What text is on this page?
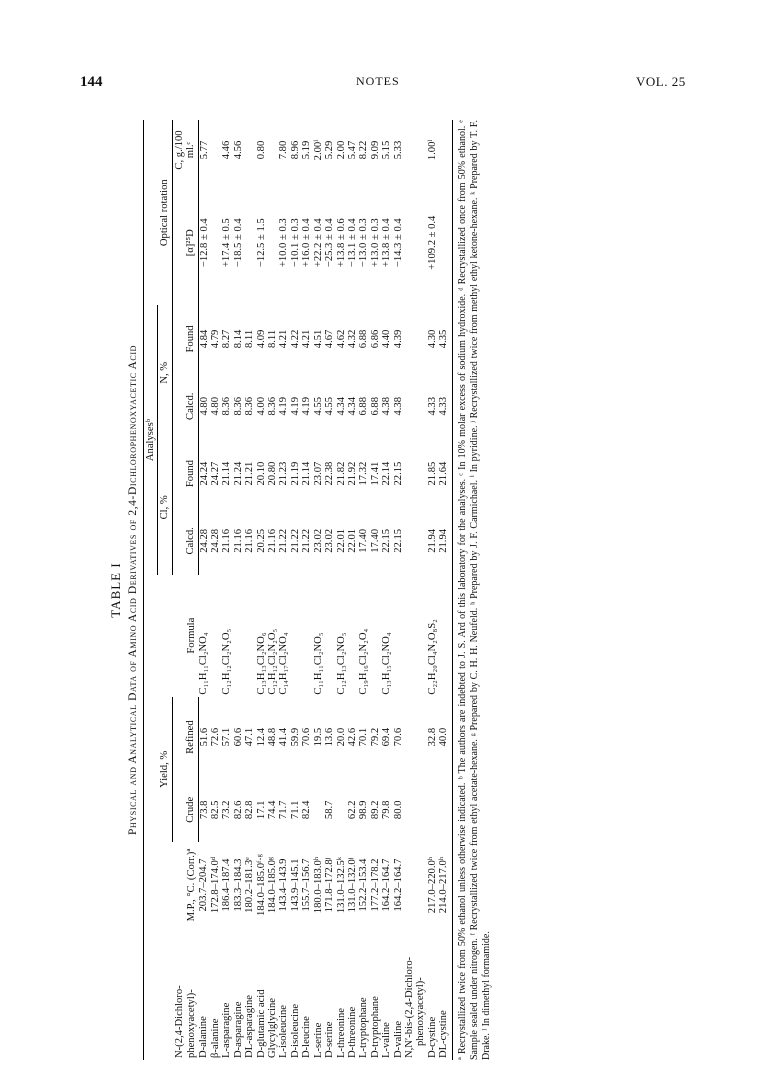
144	NOTES	VOL. 25
TABLE I Physical and Analytical Data of Amino Acid Derivatives of 2,4-Dichlorophenoxyacetic Acid
N-(2,4-Dichloro-phenoxyacetyl)-	M.P., °C. (Corr.)ª	Yield, %		Formula	Analysesᵇ				Optical rotation	
					Cl, %		N, %			
		Crude	Refined		Calcd.	Found	Calcd.	Found	[α]²⁵D	C, g./100 ml.ᶜ
D-alanine	203.7–204.7	73.8	51.6	C₁₁H₁₁Cl₂NO₄	24.28	24.24	4.80	4.84	−12.8 ± 0.4	5.77
β-alanine	172.8–174.0ᵈ	82.5	72.6		24.28	24.27	4.80	4.79		
L-asparagine	186.4–187.4	73.2	57.1	C₁₂H₁₂Cl₂N₂O₅	21.16	21.14	8.36	8.27	+17.4 ± 0.5	4.46
D-asparagine	183.3–184.3	82.6	60.6		21.16	21.24	8.36	8.14	−18.5 ± 0.4	4.56
DL-asparagine	180.2–181.3ᵉ	82.8	47.1		21.16	21.21	8.36	8.11		
D-glutamic acid	184.0–185.0ᶠ·ᵍ	17.1	12.4	C₁₃H₁₃Cl₂NO₆	20.25	20.10	4.00	4.09	−12.5 ± 1.5	0.80
Glycylglycine	184.0–185.0ᵍ	74.4	48.8	C₁₂H₁₂Cl₂N₂O₅	21.16	20.80	8.36	8.11		
L-isoleucine	143.4–143.9	71.7	41.4	C₁₄H₁₇Cl₂NO₄	21.22	21.23	4.19	4.21	+10.0 ± 0.3	7.80
D-isoleucine	143.9–145.1	71.1	59.9		21.22	21.19	4.19	4.22	−10.1 ± 0.3	8.96
D-leucine	155.7–156.7	82.4	70.6		21.22	21.14	4.19	4.21	+16.0 ± 0.4	5.19
L-serine	180.0–183.0ʰ		19.5	C₁₁H₁₁Cl₂NO₅	23.02	23.07	4.55	4.51	+22.2 ± 0.4	2.00ⁱ
D-serine	171.8–172.8ʲ	58.7	13.6		23.02	22.38	4.55	4.67	−25.3 ± 0.4	5.29
L-threonine	131.0–132.5ᵏ		20.0	C₁₂H₁₃Cl₂NO₅	22.01	21.82	4.34	4.62	+13.8 ± 0.6	2.00
D-threonine	131.0–132.0ʲ	62.2	42.6		22.01	21.92	4.34	4.32	−13.1 ± 0.4	5.47
L-tryptophane	152.2–153.4	98.9	70.1	C₁₉H₁₆Cl₂N₂O₄	17.40	17.32	6.88	6.88	−13.0 ± 0.3	8.22
D-tryptophane	177.2–178.2	89.2	79.2		17.40	17.41	6.88	6.86	+13.0 ± 0.3	9.09
L-valine	164.2–164.7	79.8	69.4	C₁₃H₁₅Cl₂NO₄	22.15	22.14	4.38	4.40	+13.8 ± 0.4	5.15
D-valine	164.2–164.7	80.0	70.6		22.15	22.15	4.38	4.39	−14.3 ± 0.4	5.33
N,N′-bis-(2,4-Dichloro-										
phenoxyacetyl)-										
D-cystine	217.0–220.0ʰ		32.8	C₂₂H₂₀Cl₄N₂O₈S₂	21.94	21.85	4.33	4.30	+109.2 ± 0.4	1.00ˡ
DL-cystine	214.0–217.0ʰ		40.0		21.94	21.64	4.33	4.35		ª Recrystallized twice from 50% ethanol unless otherwise indicated. ᵇ The authors are indebted to J. S. Ard of this laboratory for the analyses. ᶜ In 10% molar excess of sodium hydroxide. ᵈ Recrystallized once from 50% ethanol. ᵉ Sample sealed under nitrogen. ᶠ Recrystallized twice from ethyl acetate-hexane. ᵍ Prepared by C. H. H. Neufeld. ʰ Prepared by J. F. Carmichael. ⁱ In pyridine. ʲ Recrystallized twice from methyl ethyl ketone-hexane. ᵏ Prepared by T. F. Drake. ˡ In dimethyl formamide.
